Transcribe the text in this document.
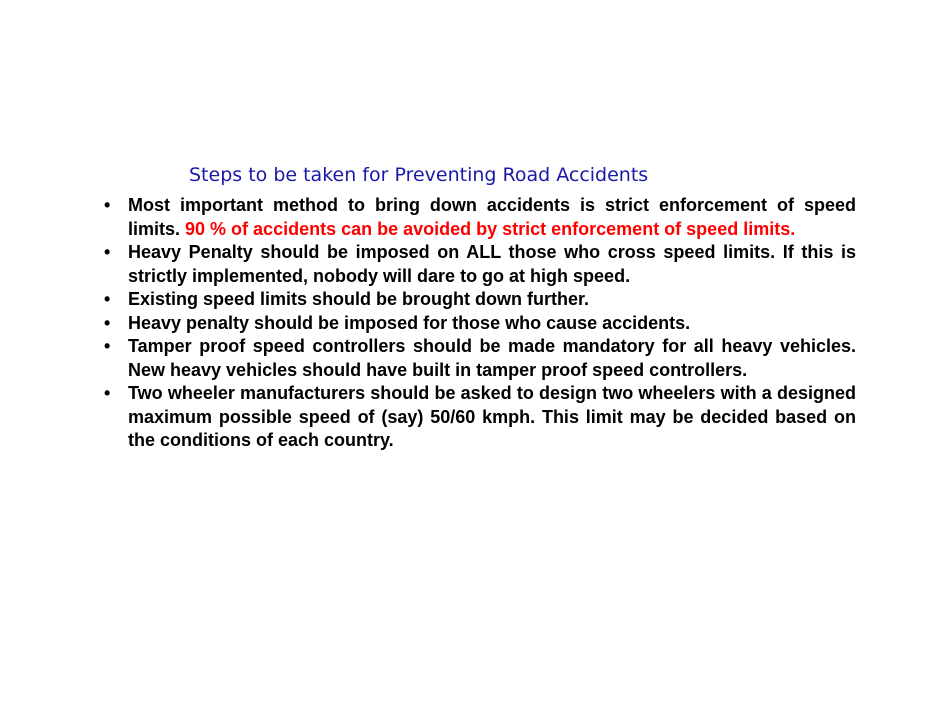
Steps to be taken for Preventing Road Accidents
• Most important method to bring down accidents is strict enforcement of speed limits. 90 % of accidents can be avoided by strict enforcement of speed limits.
• Heavy Penalty should be imposed on ALL those who cross speed limits. If this is strictly implemented, nobody will dare to go at high speed.
• Existing speed limits should be brought down further.
• Heavy penalty should be imposed for those who cause accidents.
• Tamper proof speed controllers should be made mandatory for all heavy vehicles. New heavy vehicles should have built in tamper proof speed controllers.
• Two wheeler manufacturers should be asked to design two wheelers with a designed maximum possible speed of (say) 50/60 kmph. This limit may be decided based on the conditions of each country.
